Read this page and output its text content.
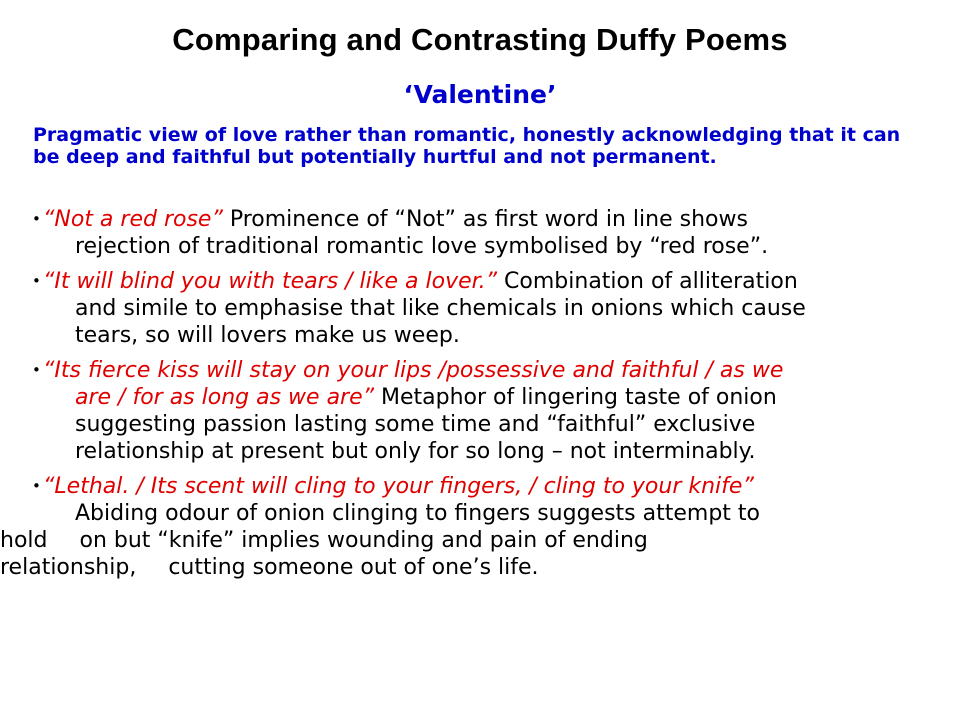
Comparing and Contrasting Duffy Poems
‘Valentine’
Pragmatic view of love rather than romantic, honestly acknowledging that it can be deep and faithful but potentially hurtful and not permanent.
• “Not a red rose” Prominence of “Not” as first word in line shows
rejection of traditional romantic love symbolised by “red rose”.
• “It will blind you with tears / like a lover.” Combination of alliteration
and simile to emphasise that like chemicals in onions which cause
tears, so will lovers make us weep.
• “Its fierce kiss will stay on your lips /possessive and faithful / as we
are / for as long as we are” Metaphor of lingering taste of onion
suggesting passion lasting some time and “faithful” exclusive
relationship at present but only for so long – not interminably.
• “Lethal. / Its scent will cling to your fingers, / cling to your knife”
Abiding odour of onion clinging to fingers suggests attempt to
hold on but “knife” implies wounding and pain of ending
relationship, cutting someone out of one’s life.
